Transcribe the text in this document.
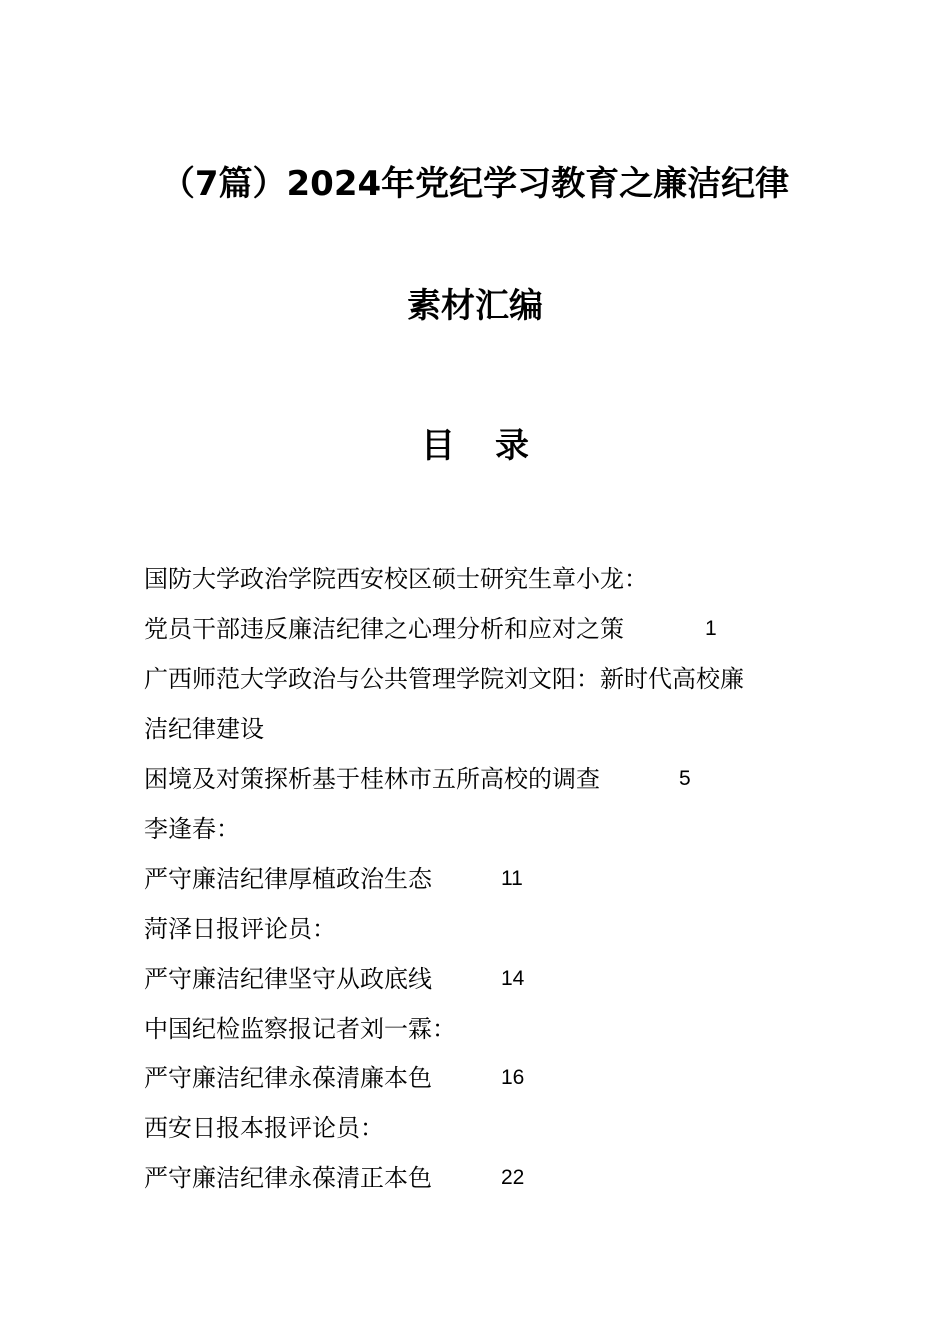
（7篇）2024年党纪学习教育之廉洁纪律
素材汇编
目 录
国防大学政治学院西安校区硕士研究生章小龙：
党员干部违反廉洁纪律之心理分析和应对之策	1
广西师范大学政治与公共管理学院刘文阳：新时代高校廉
洁纪律建设
困境及对策探析基于桂林市五所高校的调查	5
李逢春：
严守廉洁纪律厚植政治生态	11
菏泽日报评论员：
严守廉洁纪律坚守从政底线	14
中国纪检监察报记者刘一霖：
严守廉洁纪律永葆清廉本色	16
西安日报本报评论员：
严守廉洁纪律永葆清正本色	22
